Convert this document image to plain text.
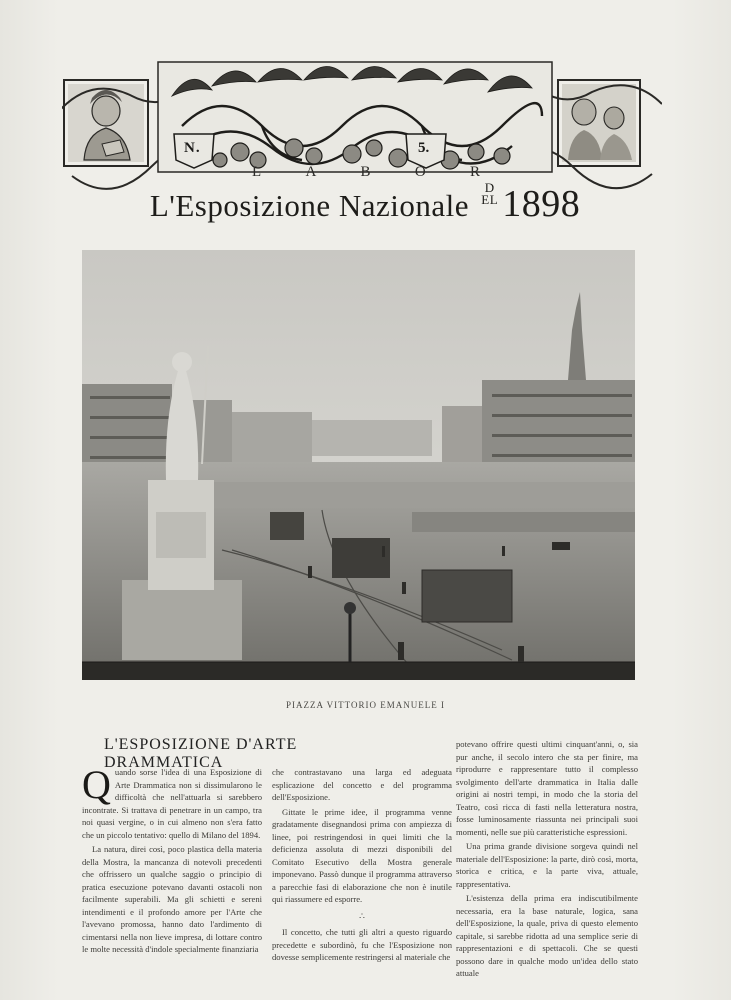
N.	5.
L	A	B	O	R
L'Esposizione Nazionale D
EL 1898
PIAZZA VITTORIO EMANUELE I
L'ESPOSIZIONE D'ARTE DRAMMATICA

Quando sorse l'idea di una Esposizione di Arte Drammatica non si dissimularono le difficoltà che nell'attuarla si sarebbero incontrate. Si trattava di penetrare in un campo, tra noi quasi vergine, o in cui almeno non s'era fatto che un piccolo tentativo: quello di Milano del 1894.

La natura, direi così, poco plastica della materia della Mostra, la mancanza di notevoli precedenti che offrissero un qualche saggio o principio di pratica esecuzione potevano davanti ostacoli non facilmente superabili. Ma gli schietti e sereni intendimenti e il profondo amore per l'Arte che l'avevano promossa, hanno dato l'ardimento di cimentarsi nella non lieve impresa, di lottare contro le molte necessità d'indole specialmente finanziaria

che contrastavano una larga ed adeguata esplicazione del concetto e del programma dell'Esposizione.

Gittate le prime idee, il programma venne gradatamente disegnandosi prima con ampiezza di linee, poi restringendosi in quei limiti che la deficienza assoluta di mezzi disponibili del Comitato Esecutivo della Mostra generale imponevano. Passò dunque il programma attraverso a parecchie fasi di elaborazione che non è inutile qui riassumere ed esporre.

∴

Il concetto, che tutti gli altri a questo riguardo precedette e subordinò, fu che l'Esposizione non dovesse semplicemente restringersi al materiale che

potevano offrire questi ultimi cinquant'anni, o, sia pur anche, il secolo intero che sta per finire, ma riprodurre e rappresentare tutto il complesso svolgimento dell'arte drammatica in Italia dalle origini ai nostri tempi, in modo che la storia del Teatro, così ricca di fasti nella letteratura nostra, fosse luminosamente riassunta nei principali suoi momenti, nelle sue più caratteristiche espressioni.

Una prima grande divisione sorgeva quindi nel materiale dell'Esposizione: la parte, dirò così, morta, storica e critica, e la parte viva, attuale, rappresentativa.

L'esistenza della prima era indiscutibilmente necessaria, era la base naturale, logica, sana dell'Esposizione, la quale, priva di questo elemento capitale, si sarebbe ridotta ad una semplice serie di rappresentazioni e di spettacoli. Che se questi possono dare in qualche modo un'idea dello stato attuale
